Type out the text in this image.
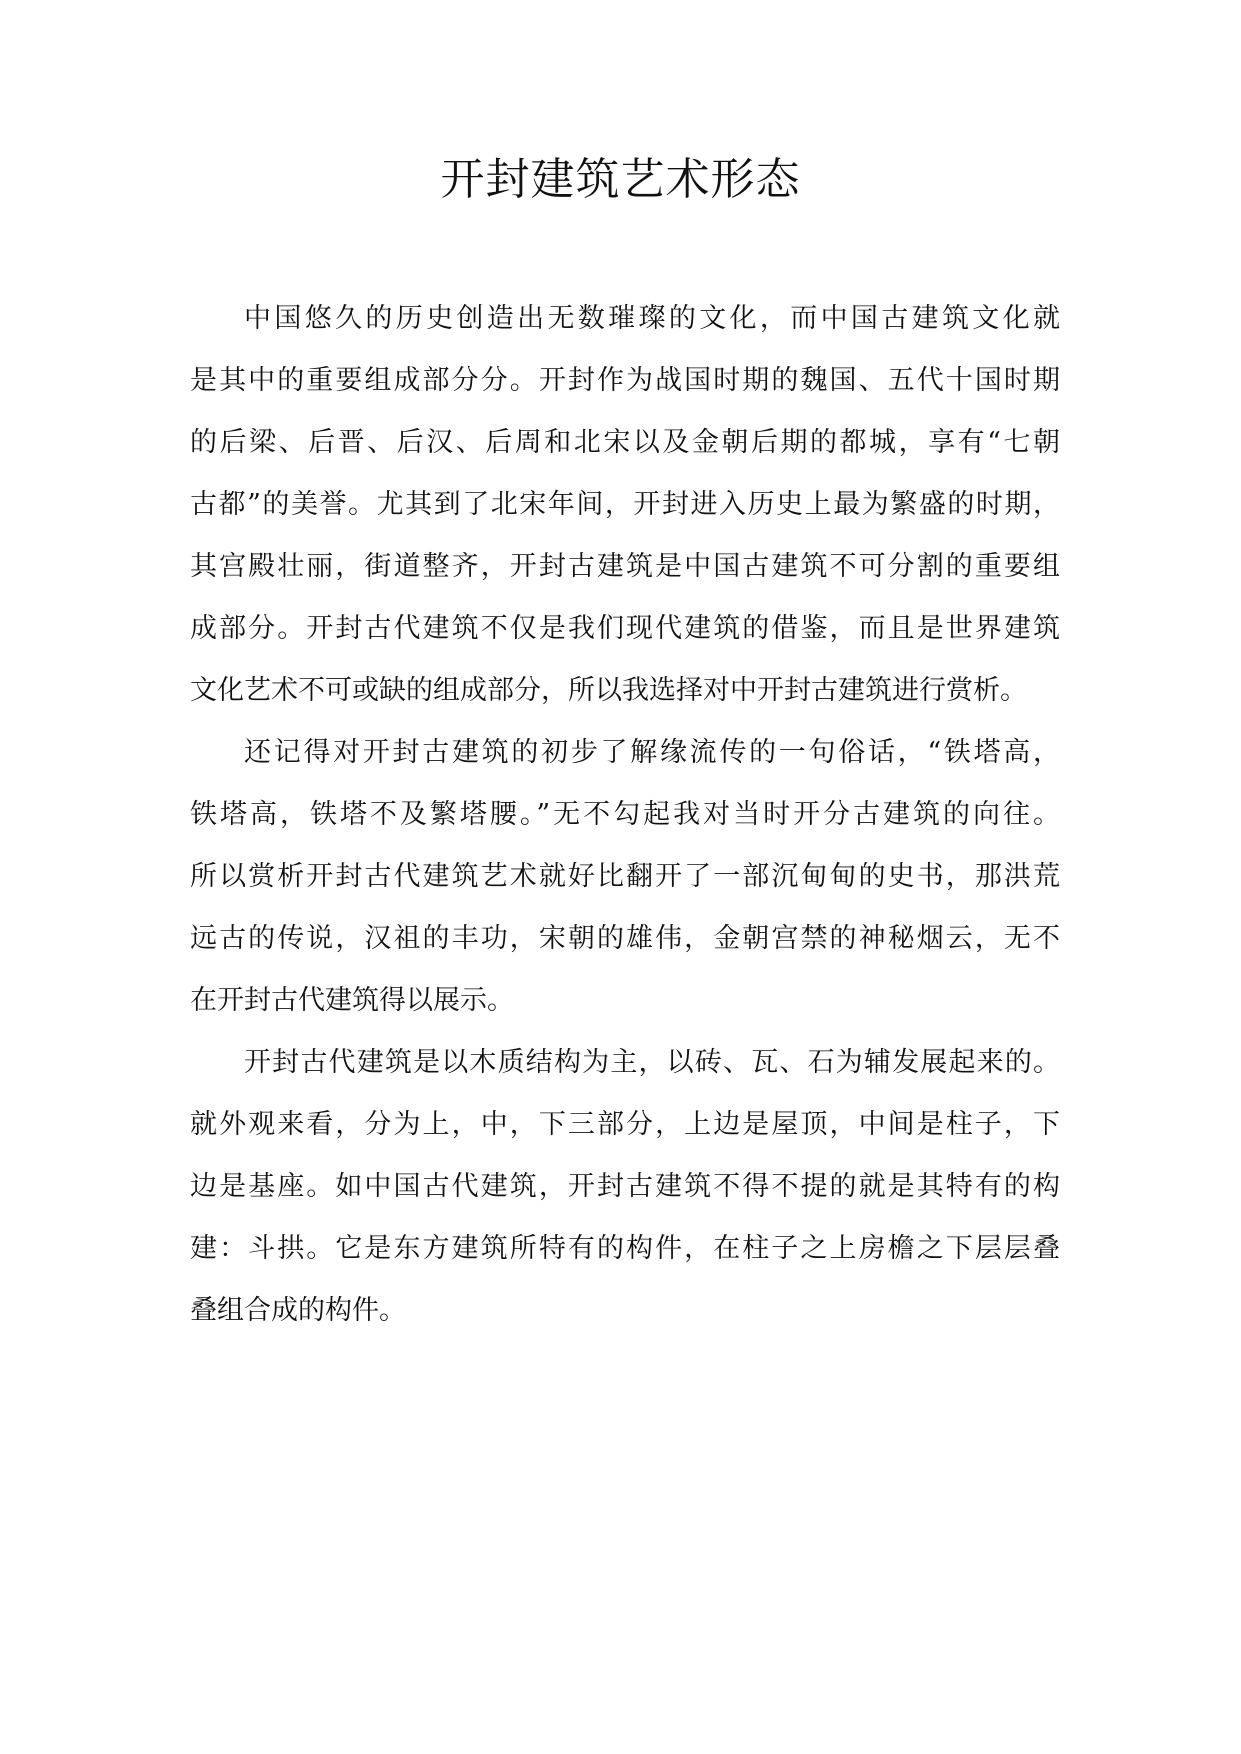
开封建筑艺术形态
中国悠久的历史创造出无数璀璨的文化，而中国古建筑文化就
是其中的重要组成部分分。开封作为战国时期的魏国、五代十国时期
的后梁、后晋、后汉、后周和北宋以及金朝后期的都城，享有“七朝
古都”的美誉。尤其到了北宋年间，开封进入历史上最为繁盛的时期，
其宫殿壮丽，街道整齐，开封古建筑是中国古建筑不可分割的重要组
成部分。开封古代建筑不仅是我们现代建筑的借鉴，而且是世界建筑
文化艺术不可或缺的组成部分，所以我选择对中开封古建筑进行赏析。
还记得对开封古建筑的初步了解缘流传的一句俗话，“铁塔高，
铁塔高，铁塔不及繁塔腰。”无不勾起我对当时开分古建筑的向往。
所以赏析开封古代建筑艺术就好比翻开了一部沉甸甸的史书，那洪荒
远古的传说，汉祖的丰功，宋朝的雄伟，金朝宫禁的神秘烟云，无不
在开封古代建筑得以展示。
开封古代建筑是以木质结构为主，以砖、瓦、石为辅发展起来的。
就外观来看，分为上，中，下三部分，上边是屋顶，中间是柱子，下
边是基座。如中国古代建筑，开封古建筑不得不提的就是其特有的构
建：斗拱。它是东方建筑所特有的构件，在柱子之上房檐之下层层叠
叠组合成的构件。
